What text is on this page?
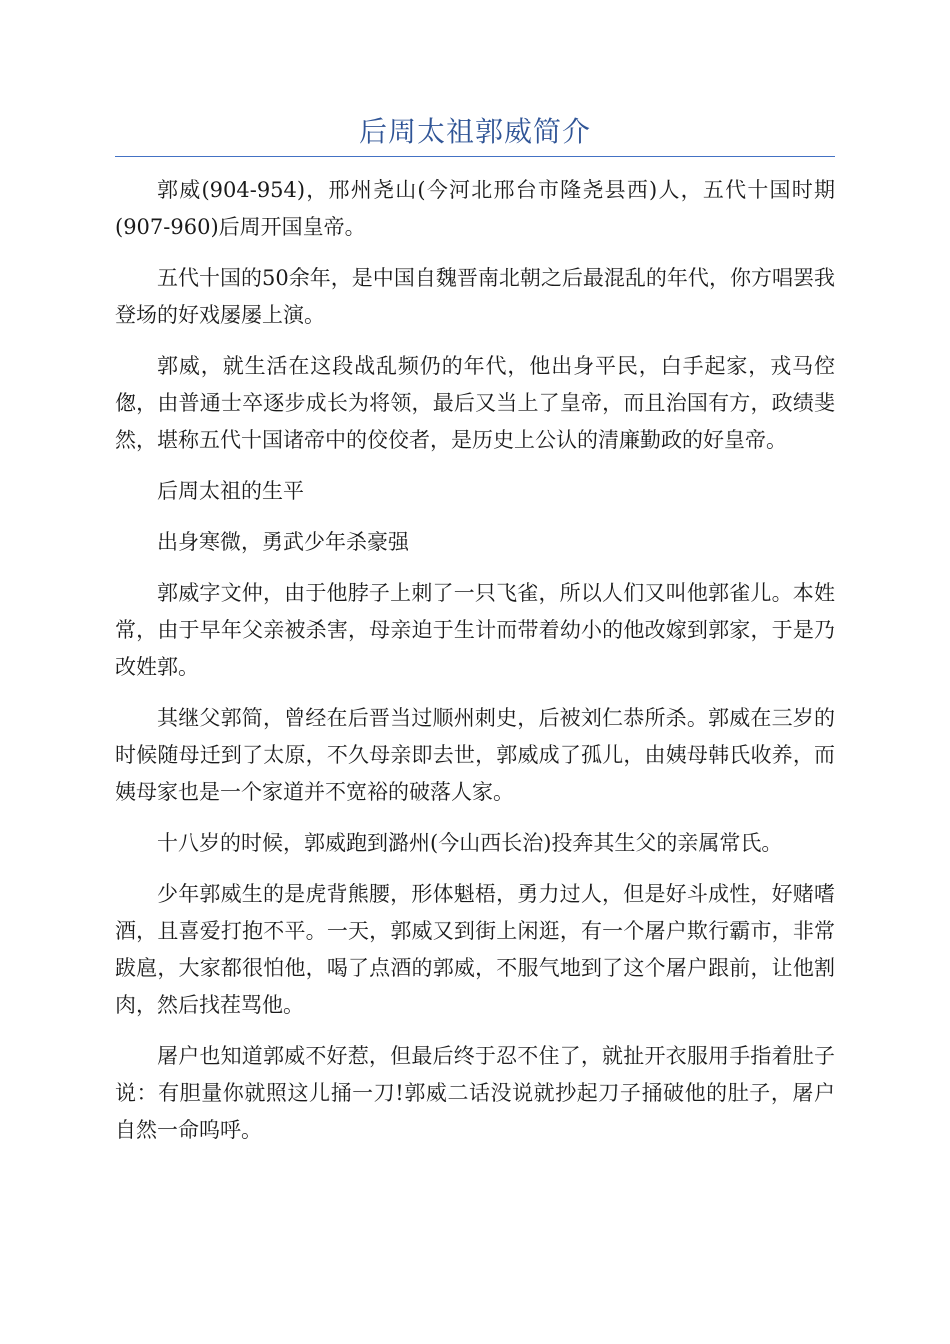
后周太祖郭威简介

郭威(904-954)，邢州尧山(今河北邢台市隆尧县西)人，五代十国时期(907-960)后周开国皇帝。

五代十国的50余年，是中国自魏晋南北朝之后最混乱的年代，你方唱罢我登场的好戏屡屡上演。

郭威，就生活在这段战乱频仍的年代，他出身平民，白手起家，戎马倥偬，由普通士卒逐步成长为将领，最后又当上了皇帝，而且治国有方，政绩斐然，堪称五代十国诸帝中的佼佼者，是历史上公认的清廉勤政的好皇帝。

后周太祖的生平

出身寒微，勇武少年杀豪强

郭威字文仲，由于他脖子上刺了一只飞雀，所以人们又叫他郭雀儿。本姓常，由于早年父亲被杀害，母亲迫于生计而带着幼小的他改嫁到郭家，于是乃改姓郭。

其继父郭简，曾经在后晋当过顺州刺史，后被刘仁恭所杀。郭威在三岁的时候随母迁到了太原，不久母亲即去世，郭威成了孤儿，由姨母韩氏收养，而姨母家也是一个家道并不宽裕的破落人家。

十八岁的时候，郭威跑到潞州(今山西长治)投奔其生父的亲属常氏。

少年郭威生的是虎背熊腰，形体魁梧，勇力过人，但是好斗成性，好赌嗜酒，且喜爱打抱不平。一天，郭威又到街上闲逛，有一个屠户欺行霸市，非常跋扈，大家都很怕他，喝了点酒的郭威，不服气地到了这个屠户跟前，让他割肉，然后找茬骂他。

屠户也知道郭威不好惹，但最后终于忍不住了，就扯开衣服用手指着肚子说：有胆量你就照这儿捅一刀!郭威二话没说就抄起刀子捅破他的肚子，屠户自然一命呜呼。
